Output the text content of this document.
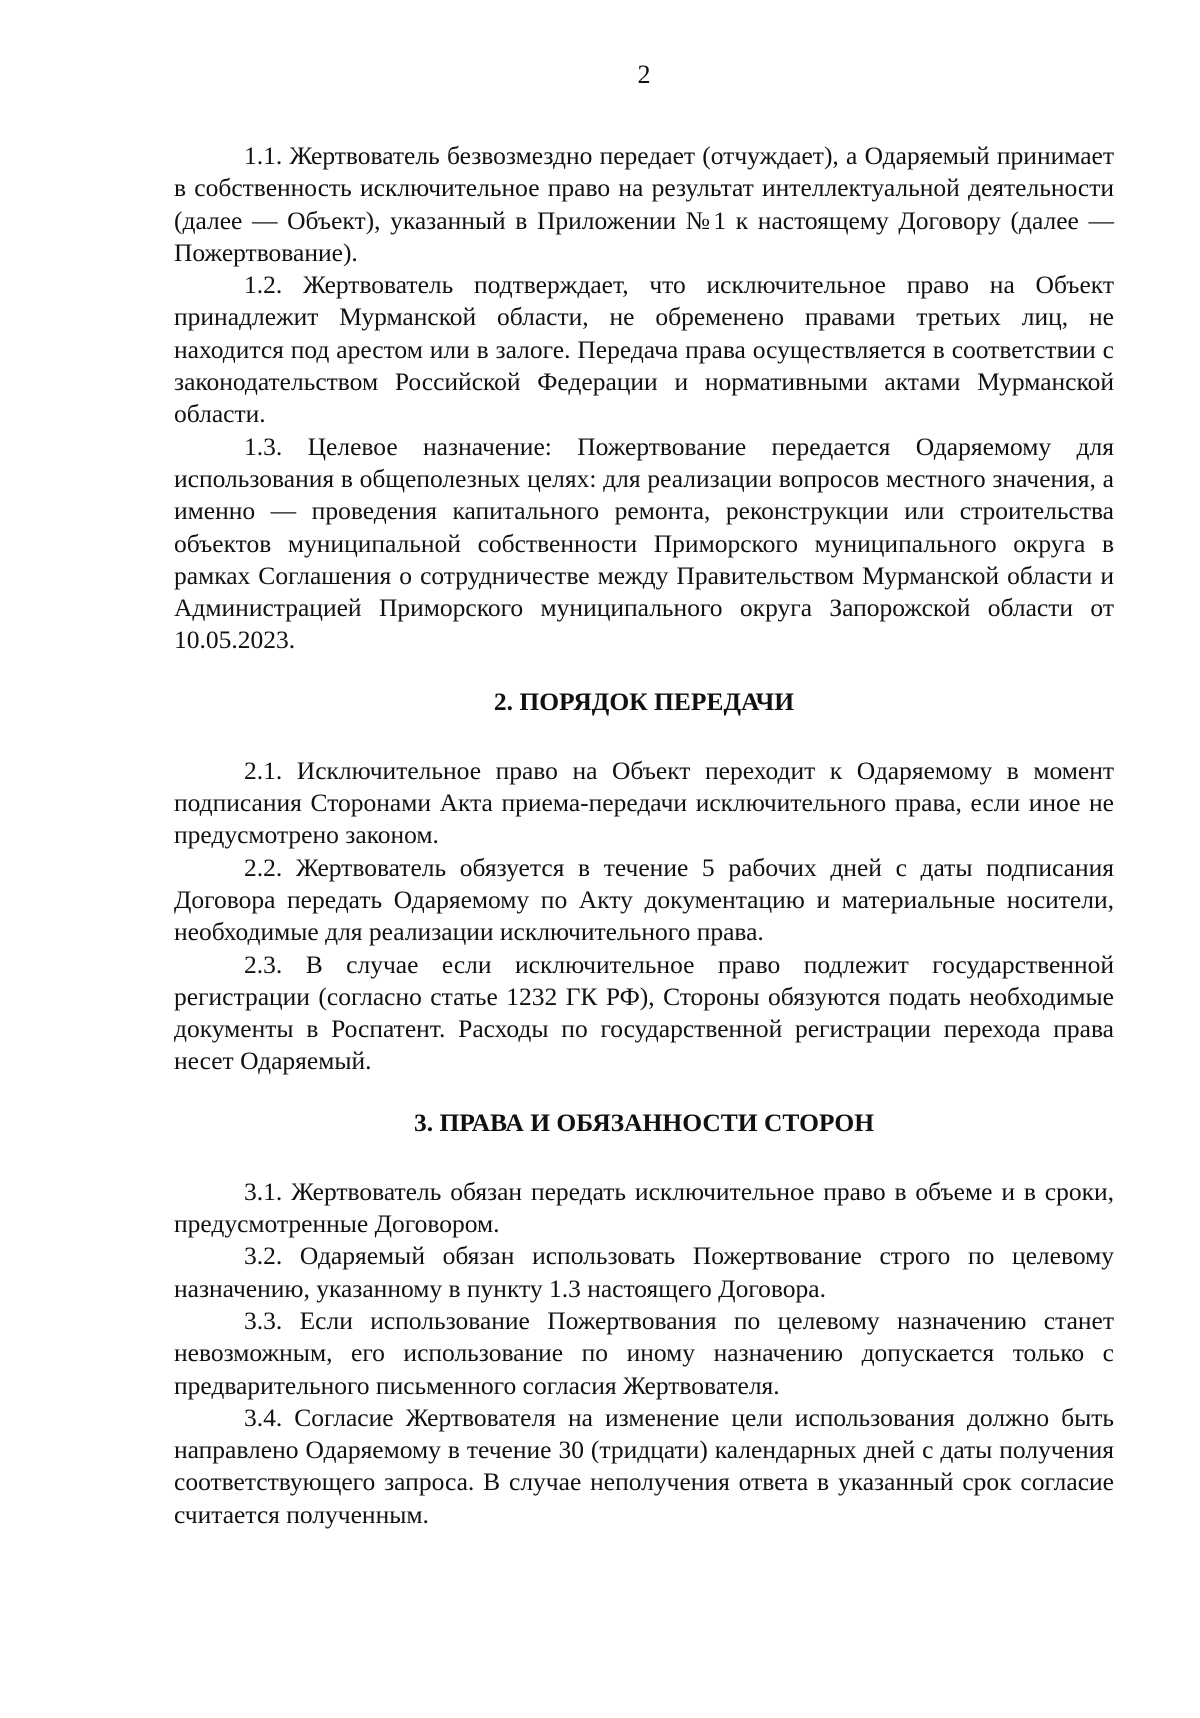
2

1.1. Жертвователь безвозмездно передает (отчуждает), а Одаряемый принимает в собственность исключительное право на результат интеллектуальной деятельности (далее — Объект), указанный в Приложении №1 к настоящему Договору (далее — Пожертвование).

1.2. Жертвователь подтверждает, что исключительное право на Объект принадлежит Мурманской области, не обременено правами третьих лиц, не находится под арестом или в залоге. Передача права осуществляется в соответствии с законодательством Российской Федерации и нормативными актами Мурманской области.

1.3. Целевое назначение: Пожертвование передается Одаряемому для использования в общеполезных целях: для реализации вопросов местного значения, а именно — проведения капитального ремонта, реконструкции или строительства объектов муниципальной собственности Приморского муниципального округа в рамках Соглашения о сотрудничестве между Правительством Мурманской области и Администрацией Приморского муниципального округа Запорожской области от 10.05.2023.

2. ПОРЯДОК ПЕРЕДАЧИ

2.1. Исключительное право на Объект переходит к Одаряемому в момент подписания Сторонами Акта приема-передачи исключительного права, если иное не предусмотрено законом.

2.2. Жертвователь обязуется в течение 5 рабочих дней с даты подписания Договора передать Одаряемому по Акту документацию и материальные носители, необходимые для реализации исключительного права.

2.3. В случае если исключительное право подлежит государственной регистрации (согласно статье 1232 ГК РФ), Стороны обязуются подать необходимые документы в Роспатент. Расходы по государственной регистрации перехода права несет Одаряемый.

3. ПРАВА И ОБЯЗАННОСТИ СТОРОН

3.1. Жертвователь обязан передать исключительное право в объеме и в сроки, предусмотренные Договором.

3.2. Одаряемый обязан использовать Пожертвование строго по целевому назначению, указанному в пункту 1.3 настоящего Договора.

3.3. Если использование Пожертвования по целевому назначению станет невозможным, его использование по иному назначению допускается только с предварительного письменного согласия Жертвователя.

3.4. Согласие Жертвователя на изменение цели использования должно быть направлено Одаряемому в течение 30 (тридцати) календарных дней с даты получения соответствующего запроса. В случае неполучения ответа в указанный срок согласие считается полученным.
